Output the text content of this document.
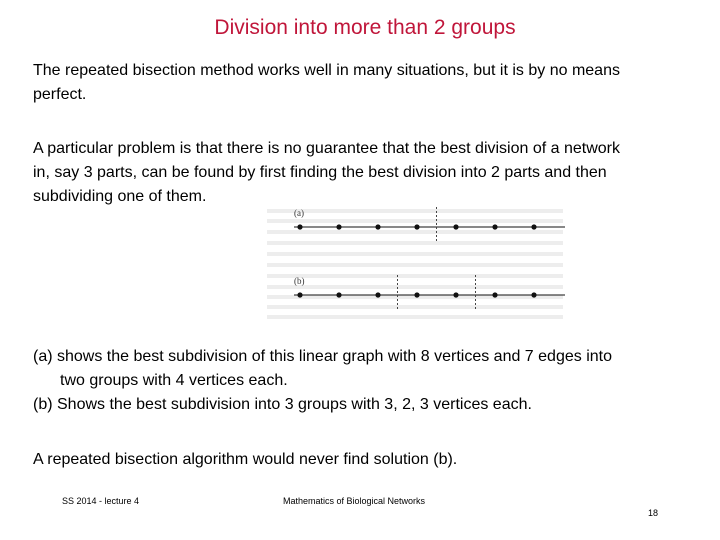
Division into more than 2 groups

The repeated bisection method works well in many situations, but it is by no means
perfect.

A particular problem is that there is no guarantee that the best division of a network
in, say 3 parts, can be found by first finding the best division into 2 parts and then
subdividing one of them.

(a)
(b)

(a) shows the best subdivision of this linear graph with 8 vertices and 7 edges into
two groups with 4 vertices each.
(b) Shows the best subdivision into 3 groups with 3, 2, 3 vertices each.

A repeated bisection algorithm would never find solution (b).

SS 2014 - lecture 4	Mathematics of Biological Networks
18
